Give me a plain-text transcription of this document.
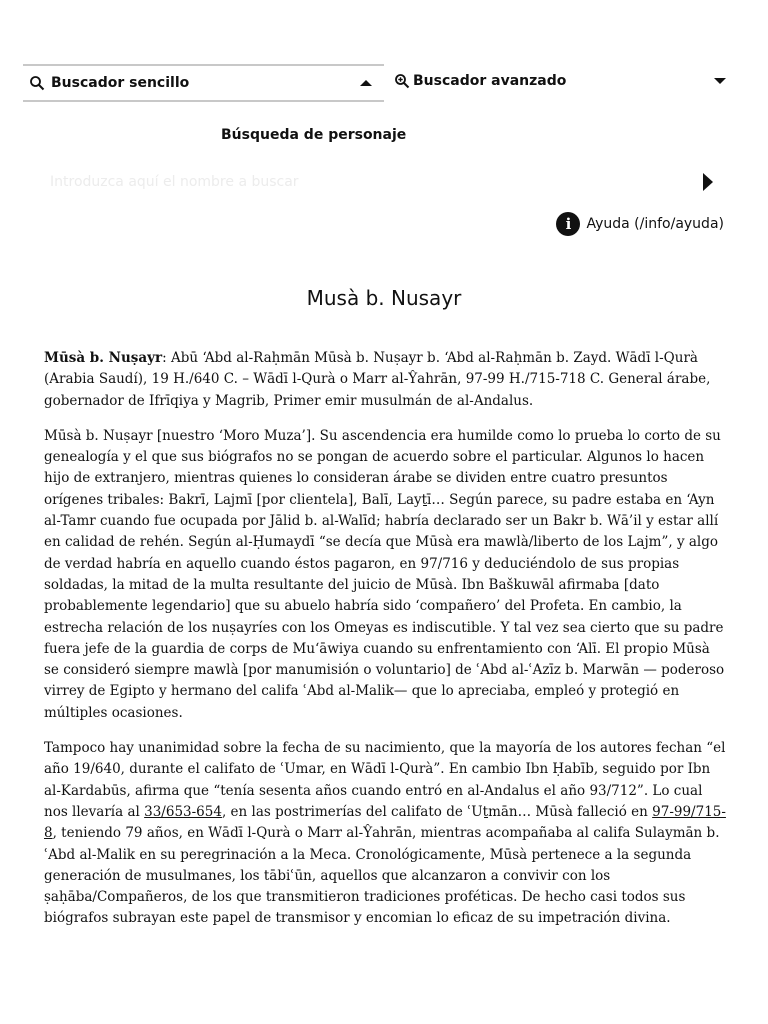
Buscador sencillo	Buscador avanzado
Búsqueda de personaje
Introduzca aquí el nombre a buscar
i	Ayuda (/info/ayuda)
Musà b. Nusayr

Mūsà b. Nuṣayr: Abū ‘Abd al-Raḥmān Mūsà b. Nuṣayr b. ‘Abd al-Raḥmān b. Zayd. Wādī l-Qurà (Arabia Saudí), 19 H./640 C. – Wādī l-Qurà o Marr al-Ŷahrān, 97-99 H./715-718 C. General árabe, gobernador de Ifrīqiya y Magrib, Primer emir musulmán de al-Andalus.

Mūsà b. Nuṣayr [nuestro ‘Moro Muza’]. Su ascendencia era humilde como lo prueba lo corto de su genealogía y el que sus biógrafos no se pongan de acuerdo sobre el particular. Algunos lo hacen hijo de extranjero, mientras quienes lo consideran árabe se dividen entre cuatro presuntos orígenes tribales: Bakrī, Lajmī [por clientela], Balī, Layṯī… Según parece, su padre estaba en ‘Ayn al-Tamr cuando fue ocupada por Jālid b. al-Walīd; habría declarado ser un Bakr b. Wā’il y estar allí en calidad de rehén. Según al-Ḥumaydī “se decía que Mūsà era mawlà/liberto de los Lajm”, y algo de verdad habría en aquello cuando éstos pagaron, en 97/716 y deduciéndolo de sus propias soldadas, la mitad de la multa resultante del juicio de Mūsà. Ibn Baškuwāl afirmaba [dato probablemente legendario] que su abuelo habría sido ‘compañero’ del Profeta. En cambio, la estrecha relación de los nuṣayríes con los Omeyas es indiscutible. Y tal vez sea cierto que su padre fuera jefe de la guardia de corps de Mu‘āwiya cuando su enfrentamiento con ‘Alī. El propio Mūsà se consideró siempre mawlà [por manumisión o voluntario] de ʿAbd al-ʿAzīz b. Marwān — poderoso virrey de Egipto y hermano del califa ʿAbd al-Malik— que lo apreciaba, empleó y protegió en múltiples ocasiones.

Tampoco hay unanimidad sobre la fecha de su nacimiento, que la mayoría de los autores fechan “el año 19/640, durante el califato de ʿUmar, en Wādī l-Qurà”. En cambio Ibn Ḥabīb, seguido por Ibn al-Kardabūs, afirma que “tenía sesenta años cuando entró en al-Andalus el año 93/712”. Lo cual nos llevaría al 33/653-654, en las postrimerías del califato de ʿUṯmān… Mūsà falleció en 97-99/715-8, teniendo 79 años, en Wādī l-Qurà o Marr al-Ŷahrān, mientras acompañaba al califa Sulaymān b. ʿAbd al-Malik en su peregrinación a la Meca. Cronológicamente, Mūsà pertenece a la segunda generación de musulmanes, los tābiʿūn, aquellos que alcanzaron a convivir con los ṣaḥāba/Compañeros, de los que transmitieron tradiciones proféticas. De hecho casi todos sus biógrafos subrayan este papel de transmisor y encomian lo eficaz de su impetración divina.
